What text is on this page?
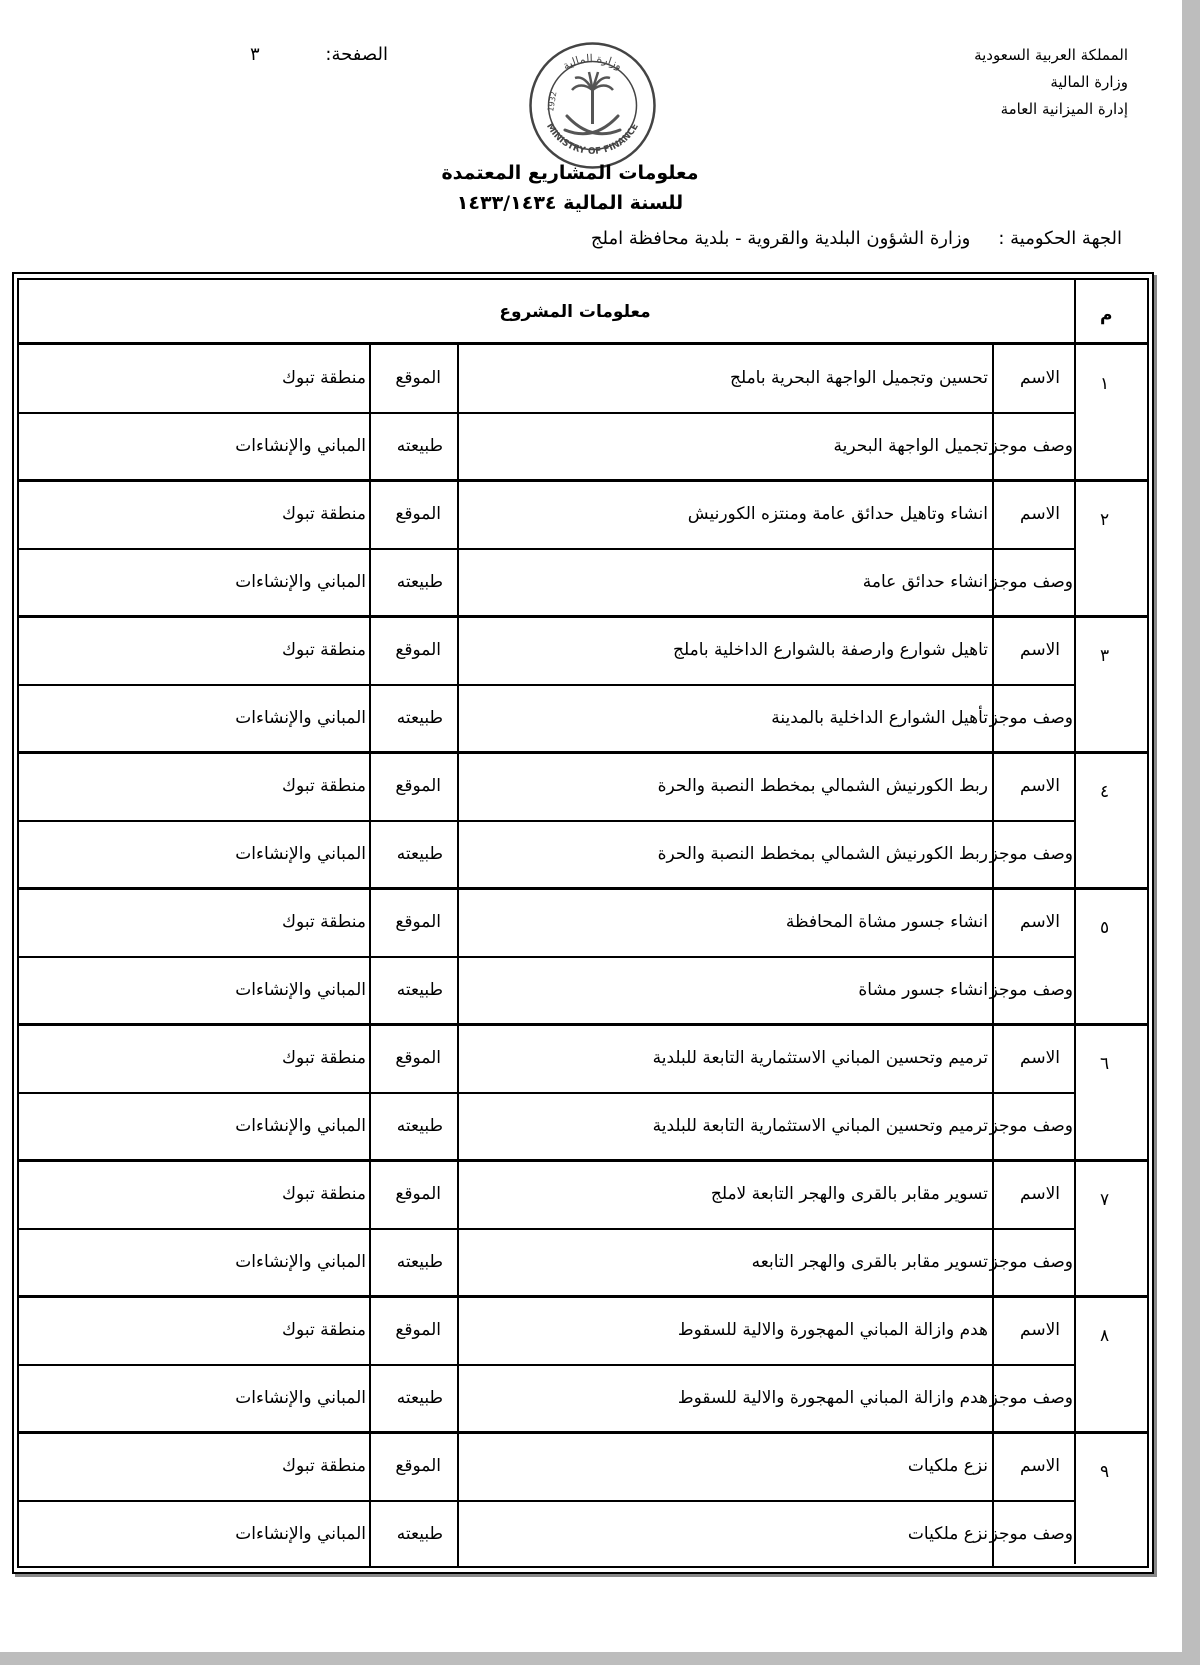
المملكة العربية السعودية
وزارة المالية
إدارة الميزانية العامة
الصفحة: ٣
وزارة المالية
MINISTRY OF FINANCE
1932
معلومات المشاريع المعتمدة
للسنة المالية ١٤٣٣/١٤٣٤
الجهة الحكومية :وزارة الشؤون البلدية والقروية - بلدية محافظة املج
م
معلومات المشروع
١
الاسم
وصف موجز
تحسين وتجميل الواجهة البحرية باملج
تجميل الواجهة البحرية
الموقع
طبيعته
منطقة تبوك
المباني والإنشاءات
٢
الاسم
وصف موجز
انشاء وتاهيل حدائق عامة ومنتزه الكورنيش
انشاء حدائق عامة
الموقع
طبيعته
منطقة تبوك
المباني والإنشاءات
٣
الاسم
وصف موجز
تاهيل شوارع وارصفة بالشوارع الداخلية باملج
تأهيل الشوارع الداخلية بالمدينة
الموقع
طبيعته
منطقة تبوك
المباني والإنشاءات
٤
الاسم
وصف موجز
ربط الكورنيش الشمالي بمخطط النصبة والحرة
ربط الكورنيش الشمالي بمخطط النصبة والحرة
الموقع
طبيعته
منطقة تبوك
المباني والإنشاءات
٥
الاسم
وصف موجز
انشاء جسور مشاة المحافظة
انشاء جسور مشاة
الموقع
طبيعته
منطقة تبوك
المباني والإنشاءات
٦
الاسم
وصف موجز
ترميم وتحسين المباني الاستثمارية التابعة للبلدية
ترميم وتحسين المباني الاستثمارية التابعة للبلدية
الموقع
طبيعته
منطقة تبوك
المباني والإنشاءات
٧
الاسم
وصف موجز
تسوير مقابر بالقرى والهجر التابعة لاملج
تسوير مقابر بالقرى والهجر التابعه
الموقع
طبيعته
منطقة تبوك
المباني والإنشاءات
٨
الاسم
وصف موجز
هدم وازالة المباني المهجورة والالية للسقوط
هدم وازالة المباني المهجورة والالية للسقوط
الموقع
طبيعته
منطقة تبوك
المباني والإنشاءات
٩
الاسم
وصف موجز
نزع ملكيات
نزع ملكيات
الموقع
طبيعته
منطقة تبوك
المباني والإنشاءات
